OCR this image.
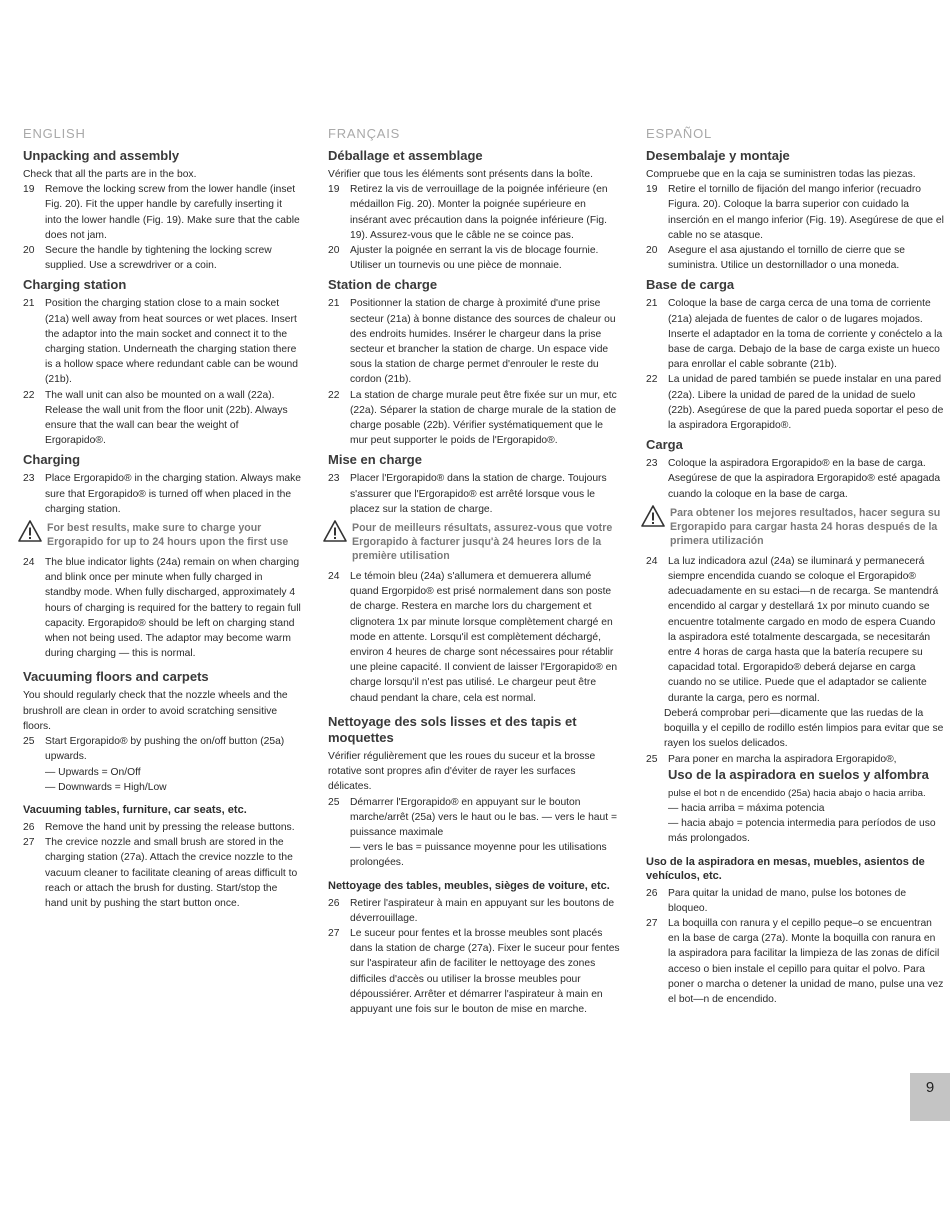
ENGLISH
Unpacking and assembly

Check that all the parts are in the box.

19 Remove the locking screw from the lower handle (inset Fig. 20). Fit the upper handle by carefully inserting it into the lower handle (Fig. 19). Make sure that the cable does not jam.

20 Secure the handle by tightening the locking screw supplied. Use a screwdriver or a coin.

Charging station

21 Position the charging station close to a main socket (21a) well away from heat sources or wet places. Insert the adaptor into the main socket and connect it to the charging station. Underneath the charging station there is a hollow space where redundant cable can be wound (21b).

22 The wall unit can also be mounted on a wall (22a). Release the wall unit from the floor unit (22b). Always ensure that the wall can bear the weight of Ergorapido®.

Charging

23 Place Ergorapido® in the charging station. Always make sure that Ergorapido® is turned off when placed in the charging station.

For best results, make sure to charge your Ergorapido for up to 24 hours upon the first use

24 The blue indicator lights (24a) remain on when charging and blink once per minute when fully charged in standby mode. When fully discharged, approximately 4 hours of charging is required for the battery to regain full capacity. Ergorapido® should be left on charging stand when not being used. The adaptor may become warm during charging — this is normal.

Vacuuming floors and carpets

You should regularly check that the nozzle wheels and the brushroll are clean in order to avoid scratching sensitive floors.

25 Start Ergorapido® by pushing the on/off button (25a) upwards.

— Upwards = On/Off

— Downwards = High/Low

Vacuuming tables, furniture, car seats, etc.

26 Remove the hand unit by pressing the release buttons.

27 The crevice nozzle and small brush are stored in the charging station (27a). Attach the crevice nozzle to the vacuum cleaner to facilitate cleaning of areas difficult to reach or attach the brush for dusting. Start/stop the hand unit by pushing the start button once.

FRANÇAIS
Déballage et assemblage

Vérifier que tous les éléments sont présents dans la boîte.

19 Retirez la vis de verrouillage de la poignée inférieure (en médaillon Fig. 20). Monter la poignée supérieure en insérant avec précaution dans la poignée inférieure (Fig. 19). Assurez-vous que le câble ne se coince pas.

20 Ajuster la poignée en serrant la vis de blocage fournie. Utiliser un tournevis ou une pièce de monnaie.

Station de charge

21 Positionner la station de charge à proximité d'une prise secteur (21a) à bonne distance des sources de chaleur ou des endroits humides. Insérer le chargeur dans la prise secteur et brancher la station de charge. Un espace vide sous la station de charge permet d'enrouler le reste du cordon (21b).

22 La station de charge murale peut être fixée sur un mur, etc (22a). Séparer la station de charge murale de la station de charge posable (22b). Vérifier systématiquement que le mur peut supporter le poids de l'Ergorapido®.

Mise en charge

23 Placer l'Ergorapido® dans la station de charge. Toujours s'assurer que l'Ergorapido® est arrêté lorsque vous le placez sur la station de charge.

Pour de meilleurs résultats, assurez-vous que votre Ergorapido à facturer jusqu'à 24 heures lors de la première utilisation

24 Le témoin bleu (24a) s'allumera et demuerera allumé quand Ergorpido® est prisé normalement dans son poste de charge. Restera en marche lors du chargement et clignotera 1x par minute lorsque complètement chargé en mode en attente. Lorsqu'il est complètement déchargé, environ 4 heures de charge sont nécessaires pour rétablir une pleine capacité. Il convient de laisser l'Ergorapido® en charge lorsqu'il n'est pas utilisé. Le chargeur peut être chaud pendant la chare, cela est normal.

Nettoyage des sols lisses et des tapis et moquettes

Vérifier régulièrement que les roues du suceur et la brosse rotative sont propres afin d'éviter de rayer les surfaces délicates.

25 Démarrer l'Ergorapido® en appuyant sur le bouton marche/arrêt (25a) vers le haut ou le bas. — vers le haut = puissance maximale

— vers le bas = puissance moyenne pour les utilisations prolongées.

Nettoyage des tables, meubles, sièges de voiture, etc.

26 Retirer l'aspirateur à main en appuyant sur les boutons de déverrouillage.

27 Le suceur pour fentes et la brosse meubles sont placés dans la station de charge (27a). Fixer le suceur pour fentes sur l'aspirateur afin de faciliter le nettoyage des zones difficiles d'accès ou utiliser la brosse meubles pour dépoussiérer. Arrêter et démarrer l'aspirateur à main en appuyant une fois sur le bouton de mise en marche.

ESPAÑOL
Desembalaje y montaje

Compruebe que en la caja se suministren todas las piezas.

19 Retire el tornillo de fijación del mango inferior (recuadro Figura. 20). Coloque la barra superior con cuidado la inserción en el mango inferior (Fig. 19). Asegúrese de que el cable no se atasque.

20 Asegure el asa ajustando el tornillo de cierre que se suministra. Utilice un destornillador o una moneda.

Base de carga

21 Coloque la base de carga cerca de una toma de corriente (21a) alejada de fuentes de calor o de lugares mojados. Inserte el adaptador en la toma de corriente y conéctelo a la base de carga. Debajo de la base de carga existe un hueco para enrollar el cable sobrante (21b).

22 La unidad de pared también se puede instalar en una pared (22a). Libere la unidad de pared de la unidad de suelo (22b). Asegúrese de que la pared pueda soportar el peso de la aspiradora Ergorapido®.

Carga

23 Coloque la aspiradora Ergorapido® en la base de carga. Asegúrese de que la aspiradora Ergorapido® esté apagada cuando la coloque en la base de carga.

Para obtener los mejores resultados, hacer segura su Ergorapido para cargar hasta 24 horas después de la primera utilización

24 La luz indicadora azul (24a) se iluminará y permanecerá siempre encendida cuando se coloque el Ergorapido® adecuadamente en su estaci—n de recarga. Se mantendrá encendido al cargar y destellará 1x por minuto cuando se encuentre totalmente cargado en modo de espera Cuando la aspiradora esté totalmente descargada, se necesitarán entre 4 horas de carga hasta que la batería recupere su capacidad total. Ergorapido® deberá dejarse en carga cuando no se utilice. Puede que el adaptador se caliente durante la carga, pero es normal.

Deberá comprobar peri—dicamente que las ruedas de la boquilla y el cepillo de rodillo estén limpios para evitar que se rayen los suelos delicados.

25 Para poner en marcha la aspiradora Ergorapido®,

Uso de la aspiradora en suelos y alfombra

pulse el bot n de encendido (25a) hacia abajo o hacia arriba.

— hacia arriba = máxima potencia

— hacia abajo = potencia intermedia para períodos de uso más prolongados.

Uso de la aspiradora en mesas, muebles, asientos de vehículos, etc.

26 Para quitar la unidad de mano, pulse los botones de bloqueo.

27 La boquilla con ranura y el cepillo peque–o se encuentran en la base de carga (27a). Monte la boquilla con ranura en la aspiradora para facilitar la limpieza de las zonas de difícil acceso o bien instale el cepillo para quitar el polvo. Para poner o marcha o detener la unidad de mano, pulse una vez el bot—n de encendido.

9
